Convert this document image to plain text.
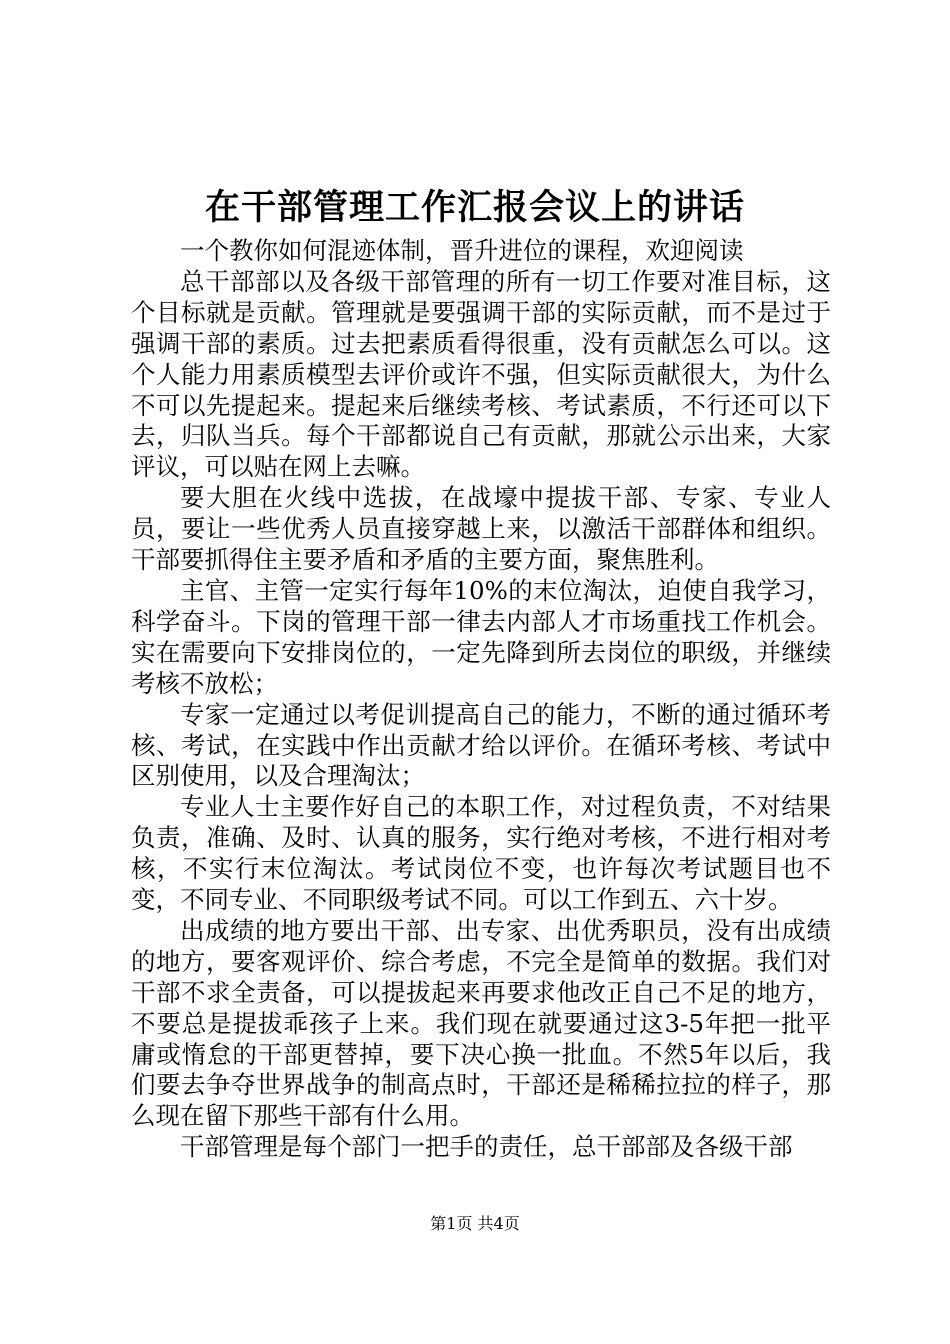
在干部管理工作汇报会议上的讲话

一个教你如何混迹体制，晋升进位的课程，欢迎阅读

总干部部以及各级干部管理的所有一切工作要对准目标，这个目标就是贡献。管理就是要强调干部的实际贡献，而不是过于强调干部的素质。过去把素质看得很重，没有贡献怎么可以。这个人能力用素质模型去评价或许不强，但实际贡献很大，为什么不可以先提起来。提起来后继续考核、考试素质，不行还可以下去，归队当兵。每个干部都说自己有贡献，那就公示出来，大家评议，可以贴在网上去嘛。

要大胆在火线中选拔，在战壕中提拔干部、专家、专业人员，要让一些优秀人员直接穿越上来，以激活干部群体和组织。干部要抓得住主要矛盾和矛盾的主要方面，聚焦胜利。

主官、主管一定实行每年10%的末位淘汰，迫使自我学习，科学奋斗。下岗的管理干部一律去内部人才市场重找工作机会。实在需要向下安排岗位的，一定先降到所去岗位的职级，并继续考核不放松；

专家一定通过以考促训提高自己的能力，不断的通过循环考核、考试，在实践中作出贡献才给以评价。在循环考核、考试中区别使用，以及合理淘汰；

专业人士主要作好自己的本职工作，对过程负责，不对结果负责，准确、及时、认真的服务，实行绝对考核，不进行相对考核，不实行末位淘汰。考试岗位不变，也许每次考试题目也不变，不同专业、不同职级考试不同。可以工作到五、六十岁。

出成绩的地方要出干部、出专家、出优秀职员，没有出成绩的地方，要客观评价、综合考虑，不完全是简单的数据。我们对干部不求全责备，可以提拔起来再要求他改正自己不足的地方，不要总是提拔乖孩子上来。我们现在就要通过这3-5年把一批平庸或惰怠的干部更替掉，要下决心换一批血。不然5年以后，我们要去争夺世界战争的制高点时，干部还是稀稀拉拉的样子，那么现在留下那些干部有什么用。

干部管理是每个部门一把手的责任，总干部部及各级干部

第1页 共4页
